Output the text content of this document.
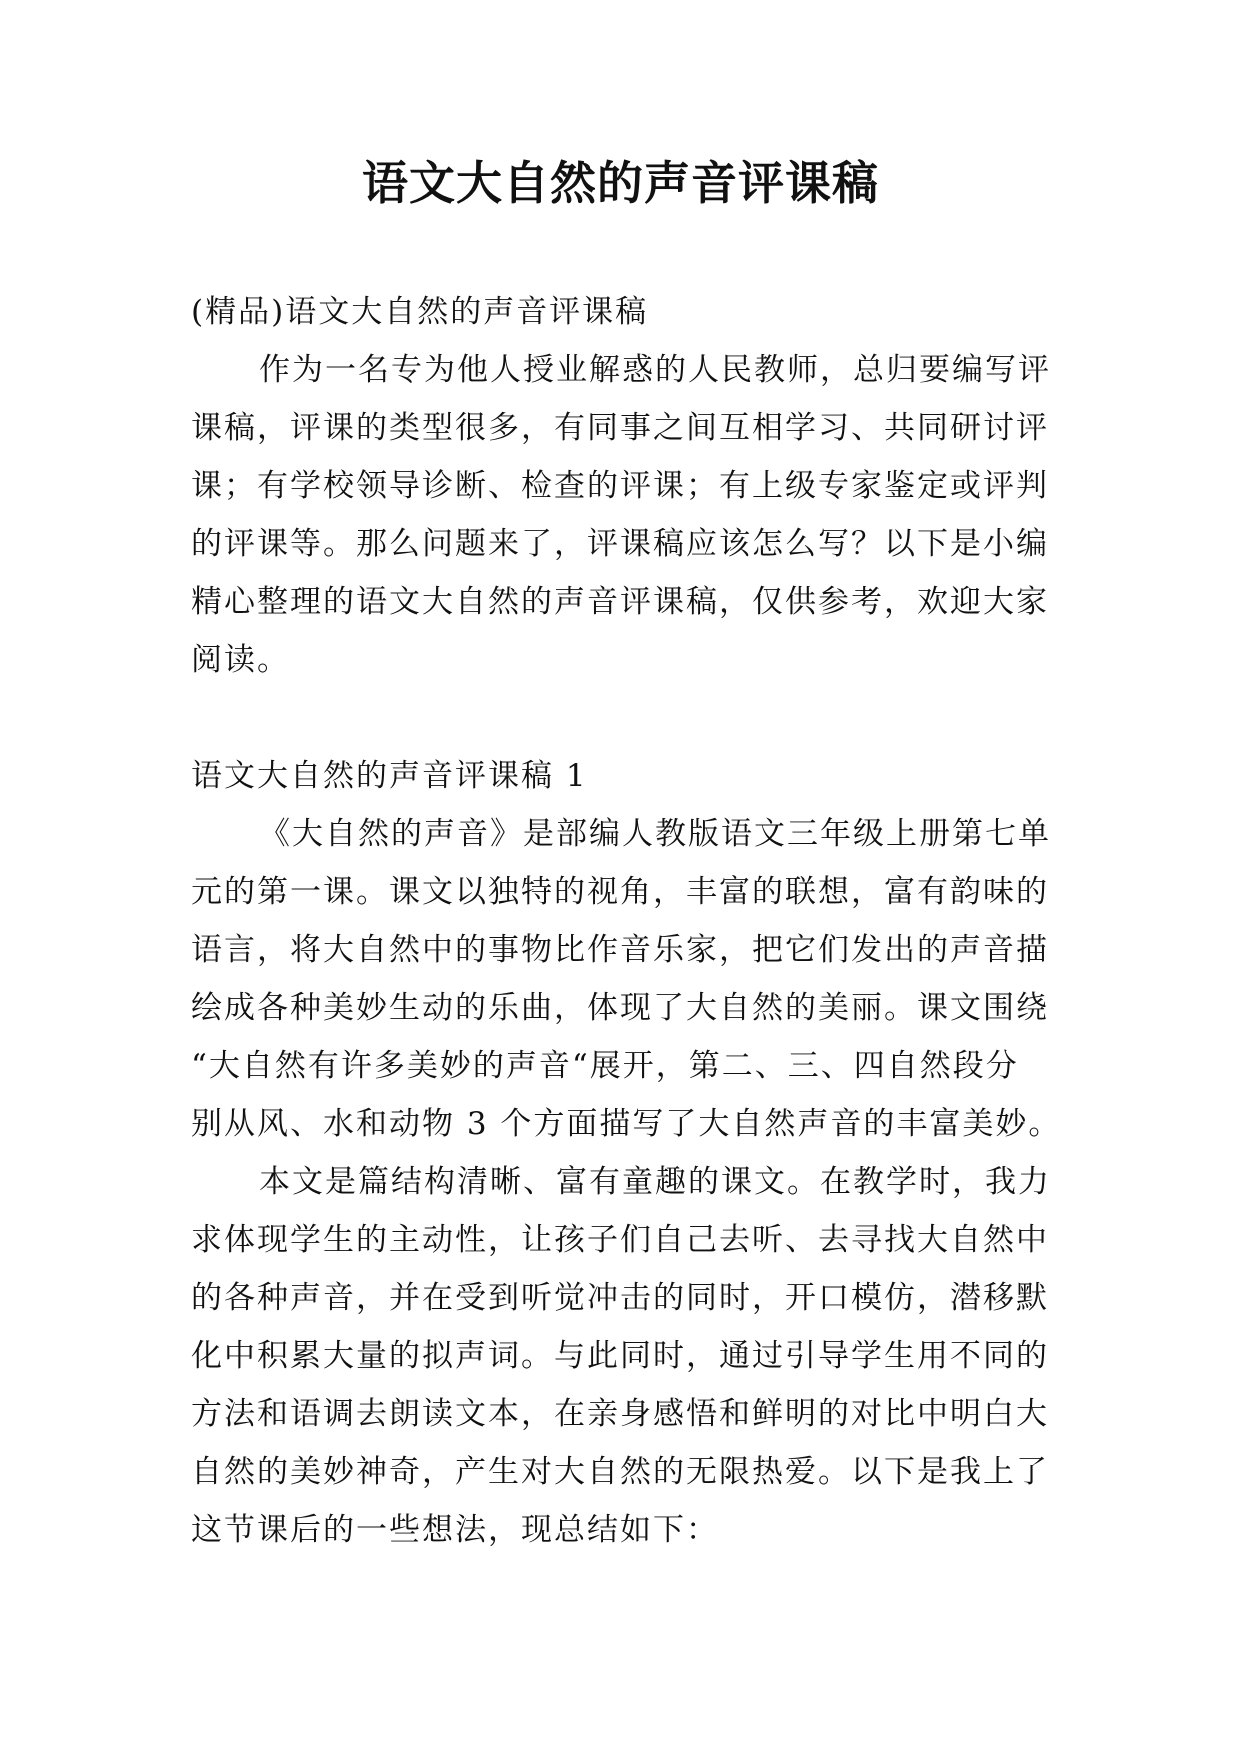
语文大自然的声音评课稿
(精品)语文大自然的声音评课稿
作为一名专为他人授业解惑的人民教师，总归要编写评
课稿，评课的类型很多，有同事之间互相学习、共同研讨评
课；有学校领导诊断、检查的评课；有上级专家鉴定或评判
的评课等。那么问题来了，评课稿应该怎么写？以下是小编
精心整理的语文大自然的声音评课稿，仅供参考，欢迎大家
阅读。
语文大自然的声音评课稿 1
《大自然的声音》是部编人教版语文三年级上册第七单
元的第一课。课文以独特的视角，丰富的联想，富有韵味的
语言，将大自然中的事物比作音乐家，把它们发出的声音描
绘成各种美妙生动的乐曲，体现了大自然的美丽。课文围绕
“大自然有许多美妙的声音“展开，第二、三、四自然段分
别从风、水和动物 3 个方面描写了大自然声音的丰富美妙。
本文是篇结构清晰、富有童趣的课文。在教学时，我力
求体现学生的主动性，让孩子们自己去听、去寻找大自然中
的各种声音，并在受到听觉冲击的同时，开口模仿，潜移默
化中积累大量的拟声词。与此同时，通过引导学生用不同的
方法和语调去朗读文本，在亲身感悟和鲜明的对比中明白大
自然的美妙神奇，产生对大自然的无限热爱。以下是我上了
这节课后的一些想法，现总结如下：
